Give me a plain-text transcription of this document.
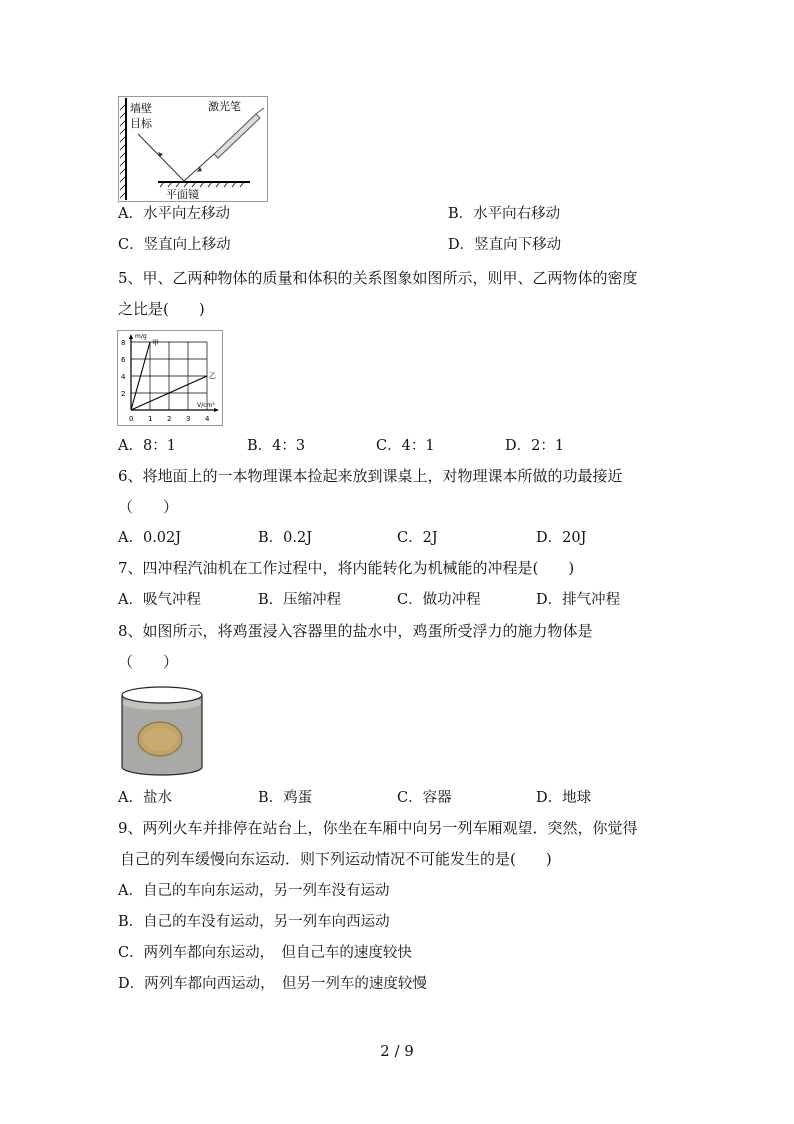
墙壁
目标
激光笔
平面镜
A．水平向左移动	B．水平向右移动
C．竖直向上移动	D．竖直向下移动
5、甲、乙两种物体的质量和体积的关系图象如图所示，则甲、乙两物体的密度
之比是(　　)
m/g
V/cm³
0 1 2 3 4
2
4
6
8	甲
乙
A．8：1	B．4：3	C．4：1	D．2：1
6、将地面上的一本物理课本捡起来放到课桌上，对物理课本所做的功最接近
（　　）
A．0.02J	B．0.2J	C．2J	D．20J
7、四冲程汽油机在工作过程中，将内能转化为机械能的冲程是(　　)
A．吸气冲程	B．压缩冲程	C．做功冲程	D．排气冲程
8、如图所示，将鸡蛋浸入容器里的盐水中，鸡蛋所受浮力的施力物体是
（　　）
A．盐水	B．鸡蛋	C．容器	D．地球
9、两列火车并排停在站台上，你坐在车厢中向另一列车厢观望．突然，你觉得
自己的列车缓慢向东运动．则下列运动情况不可能发生的是(　　)
A．自己的车向东运动，另一列车没有运动
B．自己的车没有运动，另一列车向西运动
C．两列车都向东运动，　但自己车的速度较快
D．两列车都向西运动，　但另一列车的速度较慢
2 / 9
